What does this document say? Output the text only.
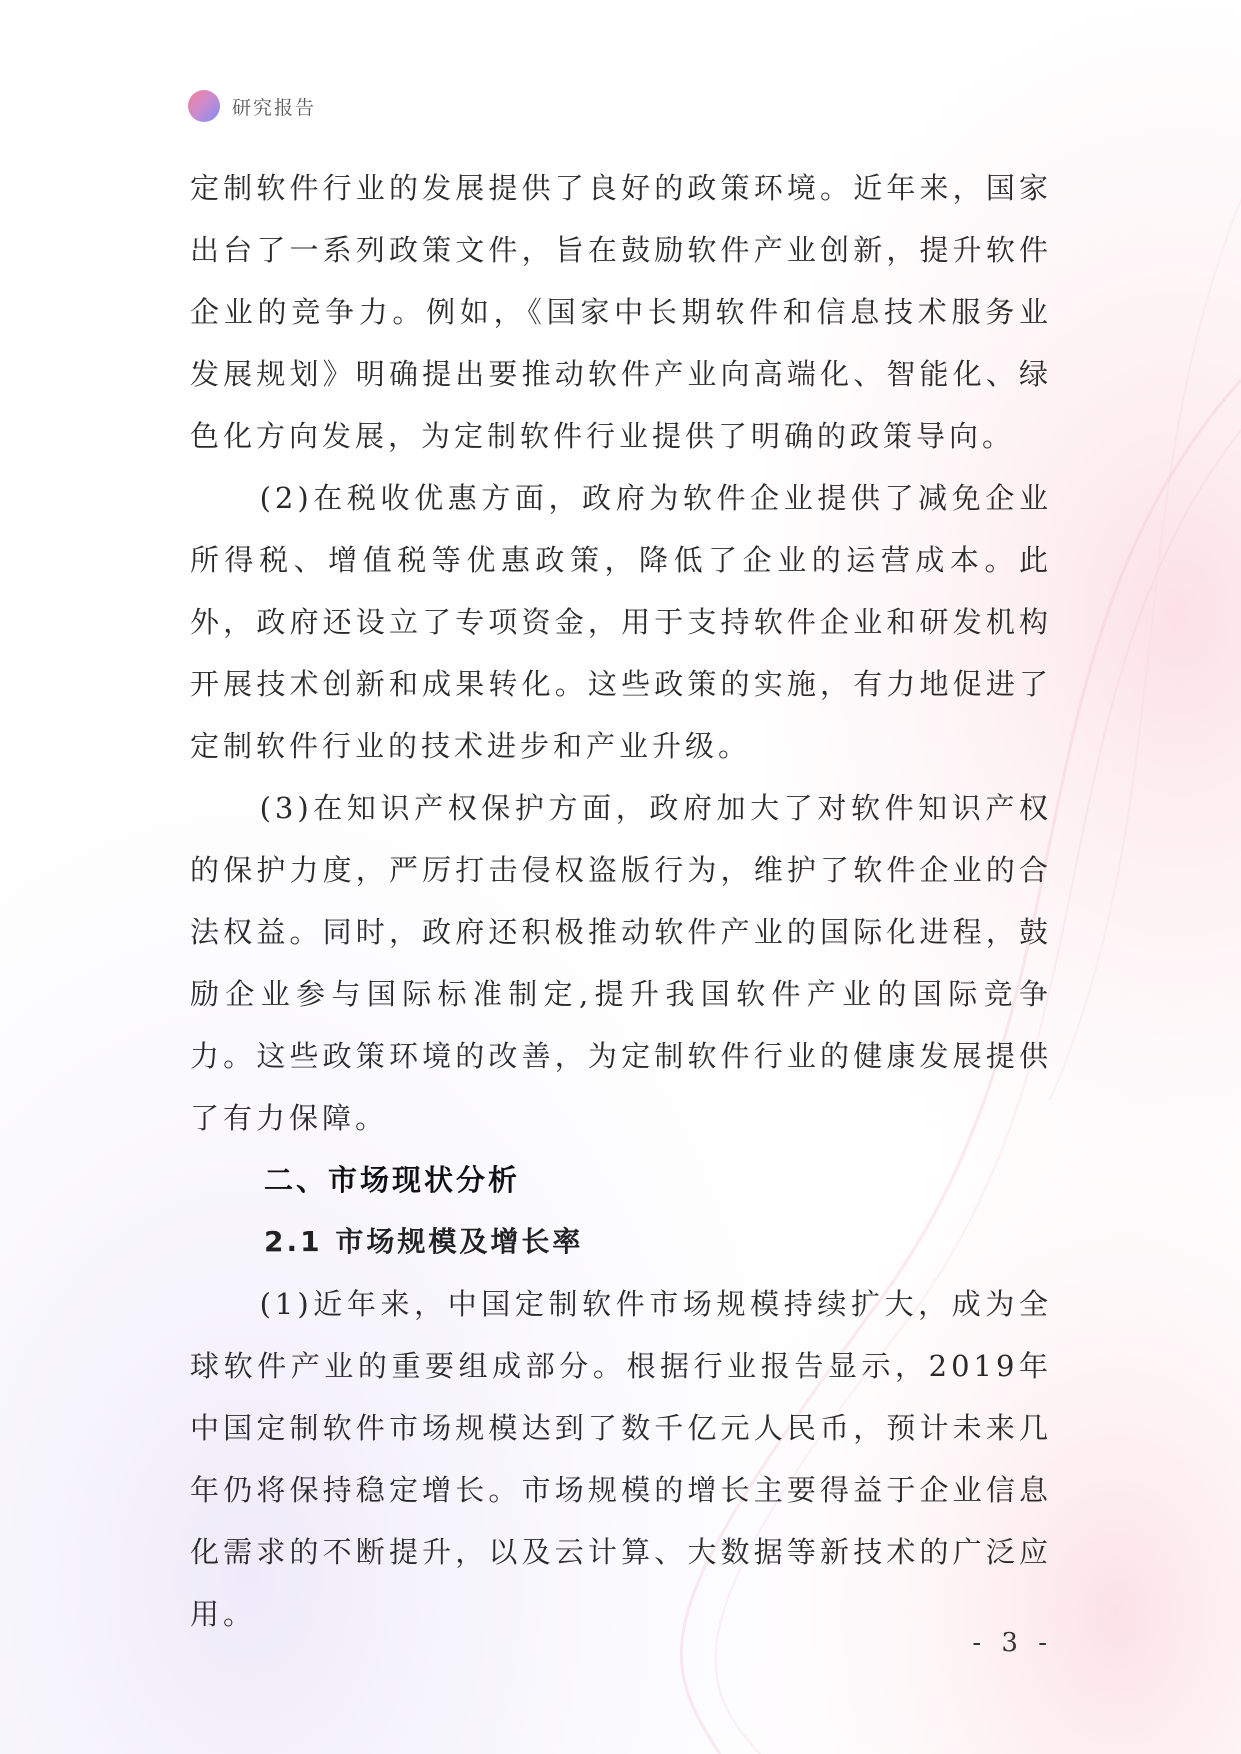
研究报告

定制软件行业的发展提供了良好的政策环境。近年来，国家出台了一系列政策文件，旨在鼓励软件产业创新，提升软件企业的竞争力。例如，《国家中长期软件和信息技术服务业发展规划》明确提出要推动软件产业向高端化、智能化、绿色化方向发展，为定制软件行业提供了明确的政策导向。

(2)在税收优惠方面，政府为软件企业提供了减免企业所得税、增值税等优惠政策，降低了企业的运营成本。此外，政府还设立了专项资金，用于支持软件企业和研发机构开展技术创新和成果转化。这些政策的实施，有力地促进了定制软件行业的技术进步和产业升级。

(3)在知识产权保护方面，政府加大了对软件知识产权的保护力度，严厉打击侵权盗版行为，维护了软件企业的合法权益。同时，政府还积极推动软件产业的国际化进程，鼓励企业参与国际标准制定,提升我国软件产业的国际竞争力。这些政策环境的改善，为定制软件行业的健康发展提供了有力保障。

二、市场现状分析
2.1 市场规模及增长率

(1)近年来，中国定制软件市场规模持续扩大，成为全球软件产业的重要组成部分。根据行业报告显示，2019年中国定制软件市场规模达到了数千亿元人民币，预计未来几年仍将保持稳定增长。市场规模的增长主要得益于企业信息化需求的不断提升，以及云计算、大数据等新技术的广泛应用。

- 3 -
